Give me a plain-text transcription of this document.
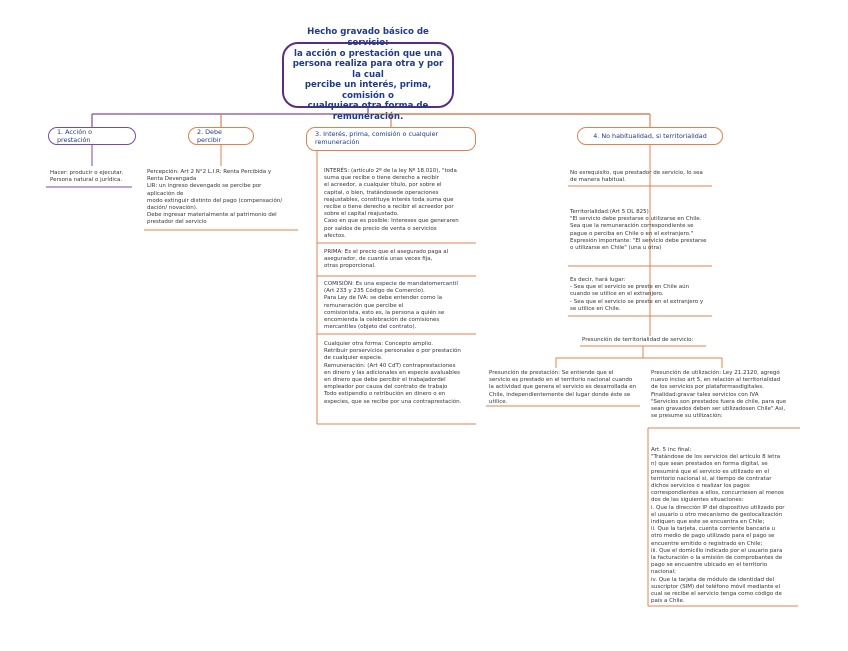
Hecho gravado básico de servicio:
la acción o prestación que una
persona realiza para otra y por la cual
percibe un interés, prima, comisión o
cualquiera otra forma de
remuneración.
1. Acción o prestación
2. Debe percibir
3. Interés, prima, comisión o cualquier
remuneración
4. No habitualidad, si territorialidad
Hacer: producir o ejecutar.
Persona natural o jurídica.
Percepción: Art 2 N°2 L.I.R: Renta Percibida y
Renta Devengada
LIR: un ingreso devengado se percibe por
aplicación de
modo extinguir distinto del pago (compensación/
dación/ novación).
Debe ingresar materialmente al patrimonio del
prestador del servicio
INTERÉS: (artículo 2º de la ley Nº 18.010), "toda
suma que recibe o tiene derecho a recibir
el acreedor, a cualquier título, por sobre el
capital, o bien, tratándosede operaciones
reajustables, constituye interés toda suma que
recibe o tiene derecho a recibir el acreedor por
sobre el capital reajustado.
Caso en que es posible: Intereses que generaren
por saldos de precio de venta o servicios
afectos.
PRIMA: Es el precio que el asegurado paga al
asegurador, de cuantía unas veces fija,
otras proporcional.
COMISIÓN: Es una especie de mandatomercantil
(Art 233 y 235 Código de Comercio).
Para Ley de IVA: se debe entender como la
remuneración que percibe el
comisionista, esto es, la persona a quién se
encomienda la celebración de comisiones
mercantiles (objeto del contrato).
Cualquier otra forma: Concepto amplio.
Retribuir porservicios personales o por prestación
de cualquier especie.
Remuneración: (Art 40 CdT) contraprestaciones
en dinero y las adicionales en especie avaluables
en dinero que debe percibir el trabajadordel
empleador por causa del contrato de trabajo
Todo estipendio o retribución en dinero o en
especies, que se recibe por una contraprestación.
No esrequisito, que prestador de servicio, lo sea
de manera habitual.
Territorialidad:(Art 5 DL 825)
"El servicio debe prestarse o utilizarse en Chile.
Sea que la remuneración correspondiente se
pague o perciba en Chile o en el extranjero."
Expresión importante: "El servicio debe prestarse
o utilizarse en Chile" (una u otra)
Es decir, hará lugar:
- Sea que el servicio se preste en Chile aún
cuando se utilice en el extranjero.
- Sea que el servicio se preste en el extranjero y
se utilice en Chile.
Presunción de territorialidad de servicio:
Presunción de prestación: Se entiende que el
servicio es prestado en el territorio nacional cuando
la actividad que genera el servicio es desarrollada en
Chile, independientemente del lugar donde éste se
utilice.
Presunción de utilización: Ley 21.2120, agregó
nuevo inciso art 5, en relación al territorialidad
de los servicios por plataformasdigitales.
Finalidad:gravar tales servicios con IVA
"Servicios son prestados fuera de chile, para que
sean gravados deben ser utilizadosen Chile" Así,
se presume su utilización:
Art. 5 inc final:
"Tratándose de los servicios del artículo 8 letra
n) que sean prestados en forma digital, se
presumirá que el servicio es utilizado en el
territorio nacional si, al tiempo de contratar
dichos servicios o realizar los pagos
correspondientes a ellos, concurriesen al menos
dos de las siguientes situaciones:
i. Que la dirección IP del dispositivo utilizado por
el usuario u otro mecanismo de geolocalización
indiquen que este se encuentra en Chile;
ii. Que la tarjeta, cuenta corriente bancaria u
otro medio de pago utilizado para el pago se
encuentre emitido o registrado en Chile;
iii. Que el domicilio indicado por el usuario para
la facturación o la emisión de comprobantes de
pago se encuentre ubicado en el territorio
nacional;
iv. Que la tarjeta de módulo de identidad del
suscriptor (SIM) del teléfono móvil mediante el
cual se recibe el servicio tenga como código de
país a Chile.
